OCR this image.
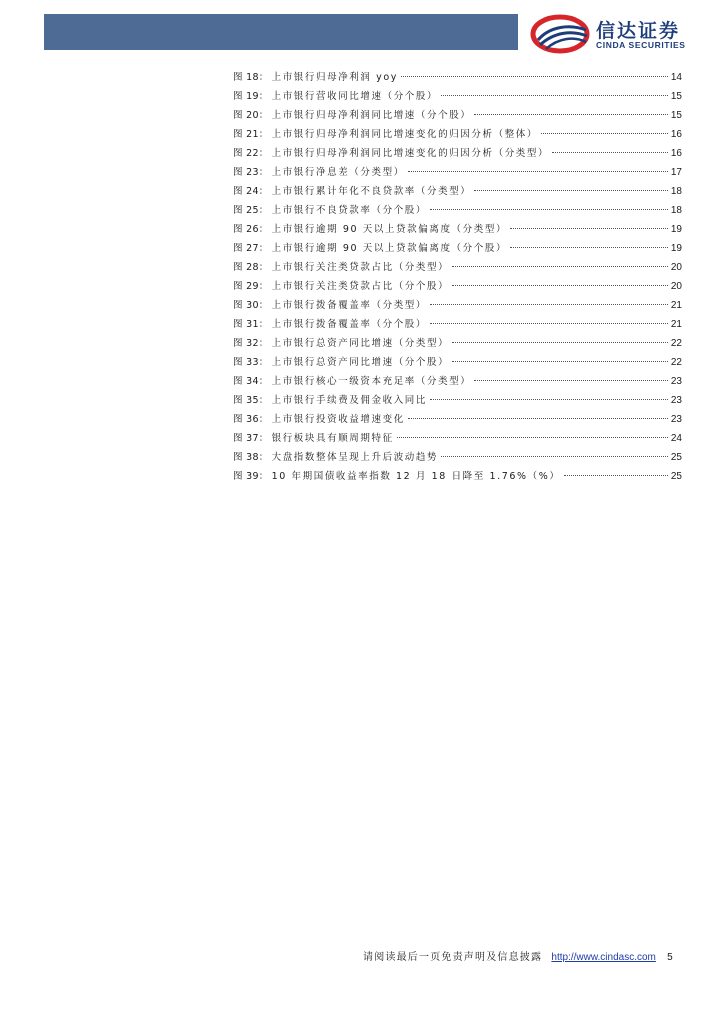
信达证券
CINDA SECURITIES
图 18： 上市银行归母净利润 yoy	14
图 19： 上市银行营收同比增速（分个股）	15
图 20： 上市银行归母净利润同比增速（分个股）	15
图 21： 上市银行归母净利润同比增速变化的归因分析（整体）	16
图 22： 上市银行归母净利润同比增速变化的归因分析（分类型）	16
图 23： 上市银行净息差（分类型）	17
图 24： 上市银行累计年化不良贷款率（分类型）	18
图 25： 上市银行不良贷款率（分个股）	18
图 26： 上市银行逾期 90 天以上贷款偏离度（分类型）	19
图 27： 上市银行逾期 90 天以上贷款偏离度（分个股）	19
图 28： 上市银行关注类贷款占比（分类型）	20
图 29： 上市银行关注类贷款占比（分个股）	20
图 30： 上市银行拨备覆盖率（分类型）	21
图 31： 上市银行拨备覆盖率（分个股）	21
图 32： 上市银行总资产同比增速（分类型）	22
图 33： 上市银行总资产同比增速（分个股）	22
图 34： 上市银行核心一级资本充足率（分类型）	23
图 35： 上市银行手续费及佣金收入同比	23
图 36： 上市银行投资收益增速变化	23
图 37： 银行板块具有顺周期特征	24
图 38： 大盘指数整体呈现上升后波动趋势	25
图 39： 10 年期国债收益率指数 12 月 18 日降至 1.76%（%）	25
请阅读最后一页免责声明及信息披露 http://www.cindasc.com 5
